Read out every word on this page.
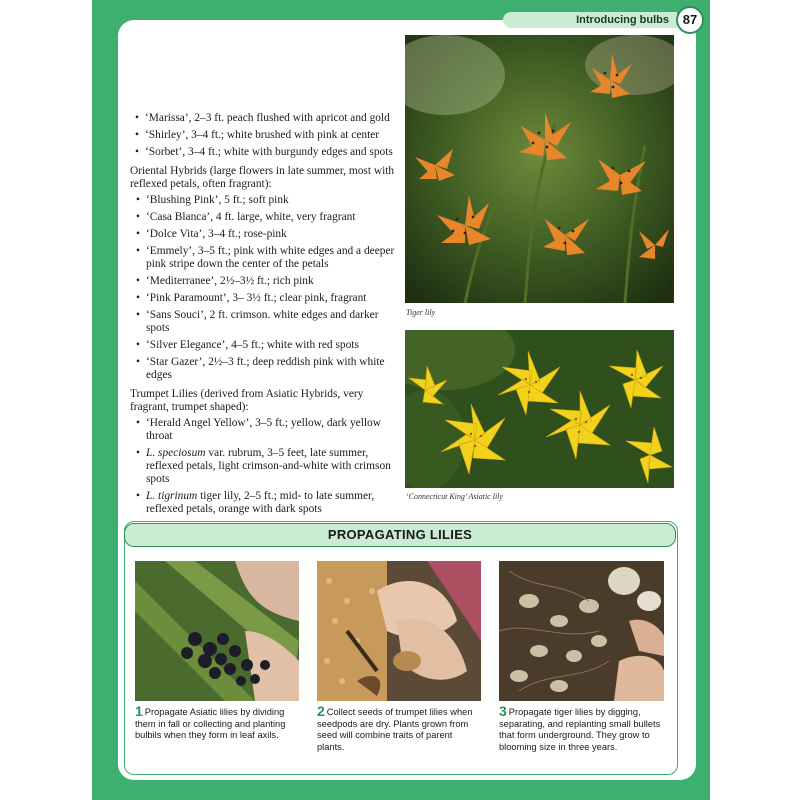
Introducing bulbs	87
• ‘Marissa’, 2–3 ft. peach flushed with apricot and gold
• ‘Shirley’, 3–4 ft.; white brushed with pink at center
• ‘Sorbet’, 3–4 ft.; white with burgundy edges and spots
Oriental Hybrids (large flowers in late summer, most with reflexed petals, often fragrant):
• ‘Blushing Pink’, 5 ft.; soft pink
• ‘Casa Blanca’, 4 ft. large, white, very fragrant
• ‘Dolce Vita’, 3–4 ft.; rose-pink
• ‘Emmely’, 3–5 ft.; pink with white edges and a deeper pink stripe down the center of the petals
• ‘Mediterranee’, 2½–3½ ft.; rich pink
• ‘Pink Paramount’, 3– 3½ ft.; clear pink, fragrant
• ‘Sans Souci’, 2 ft. crimson. white edges and darker spots
• ‘Silver Elegance’, 4–5 ft.; white with red spots
• ‘Star Gazer’, 2½–3 ft.; deep reddish pink with white edges
Trumpet Lilies (derived from Asiatic Hybrids, very fragrant, trumpet shaped):
• ‘Herald Angel Yellow’, 3–5 ft.; yellow, dark yellow throat
• L. speciosum var. rubrum, 3–5 feet, late summer, reflexed petals, light crimson-and-white with crimson spots
• L. tigrinum tiger lily, 2–5 ft.; mid- to late summer, reflexed petals, orange with dark spots
Tiger lily
‘Connecticut King’ Asiatic lily
PROPAGATING LILIES
1 Propagate Asiatic lilies by dividing them in fall or collecting and planting bulbils when they form in leaf axils.
2 Collect seeds of trumpet lilies when seedpods are dry. Plants grown from seed will combine traits of parent plants.
3 Propagate tiger lilies by digging, separating, and replanting small bullets that form underground. They grow to blooming size in three years.
